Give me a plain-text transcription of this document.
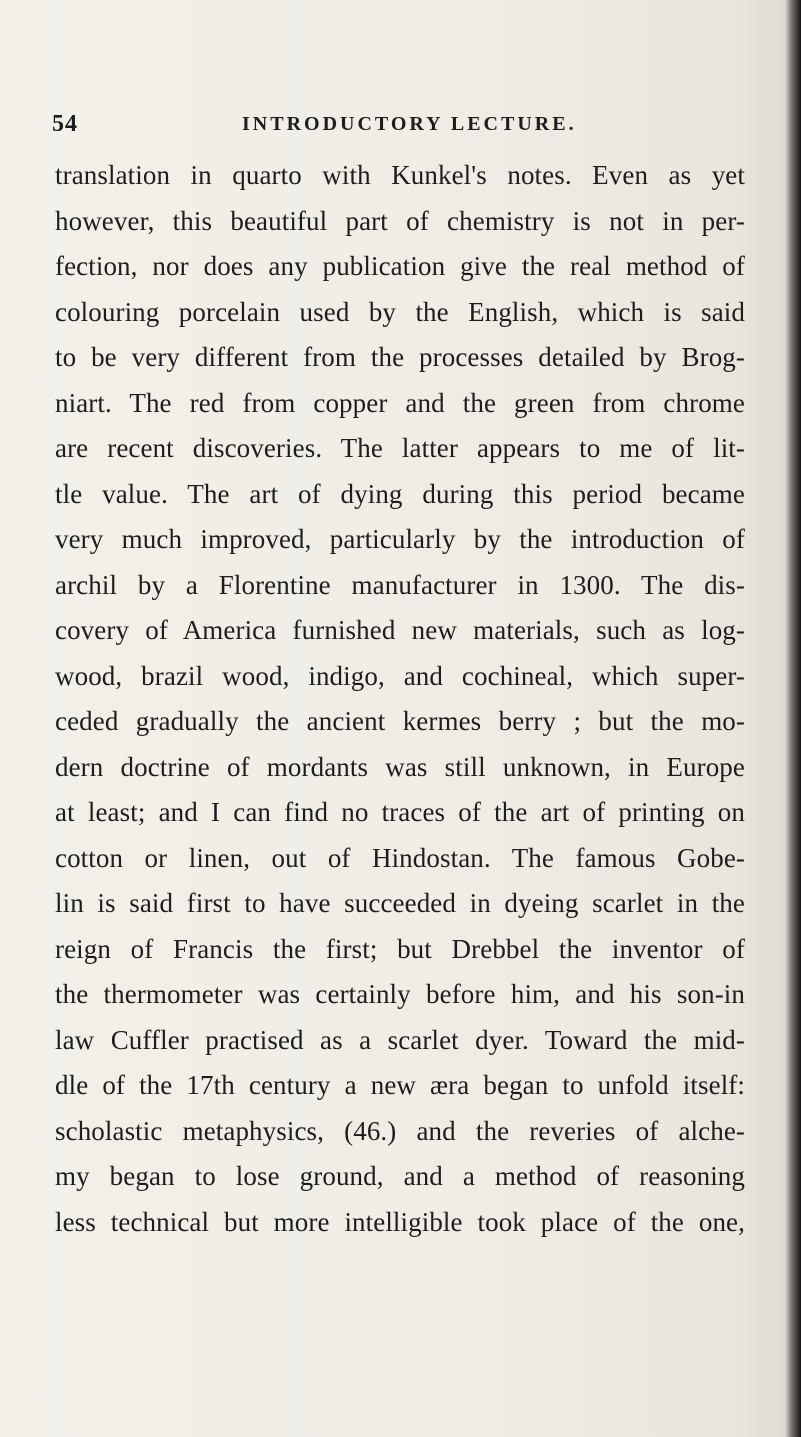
54	INTRODUCTORY LECTURE.
translation in quarto with Kunkel's notes. Even as yet
however, this beautiful part of chemistry is not in per-
fection, nor does any publication give the real method of
colouring porcelain used by the English, which is said
to be very different from the processes detailed by Brog-
niart. The red from copper and the green from chrome
are recent discoveries. The latter appears to me of lit-
tle value. The art of dying during this period became
very much improved, particularly by the introduction of
archil by a Florentine manufacturer in 1300. The dis-
covery of America furnished new materials, such as log-
wood, brazil wood, indigo, and cochineal, which super-
ceded gradually the ancient kermes berry ; but the mo-
dern doctrine of mordants was still unknown, in Europe
at least; and I can find no traces of the art of printing on
cotton or linen, out of Hindostan. The famous Gobe-
lin is said first to have succeeded in dyeing scarlet in the
reign of Francis the first; but Drebbel the inventor of
the thermometer was certainly before him, and his son-in
law Cuffler practised as a scarlet dyer. Toward the mid-
dle of the 17th century a new æra began to unfold itself:
scholastic metaphysics, (46.) and the reveries of alche-
my began to lose ground, and a method of reasoning
less technical but more intelligible took place of the one,
